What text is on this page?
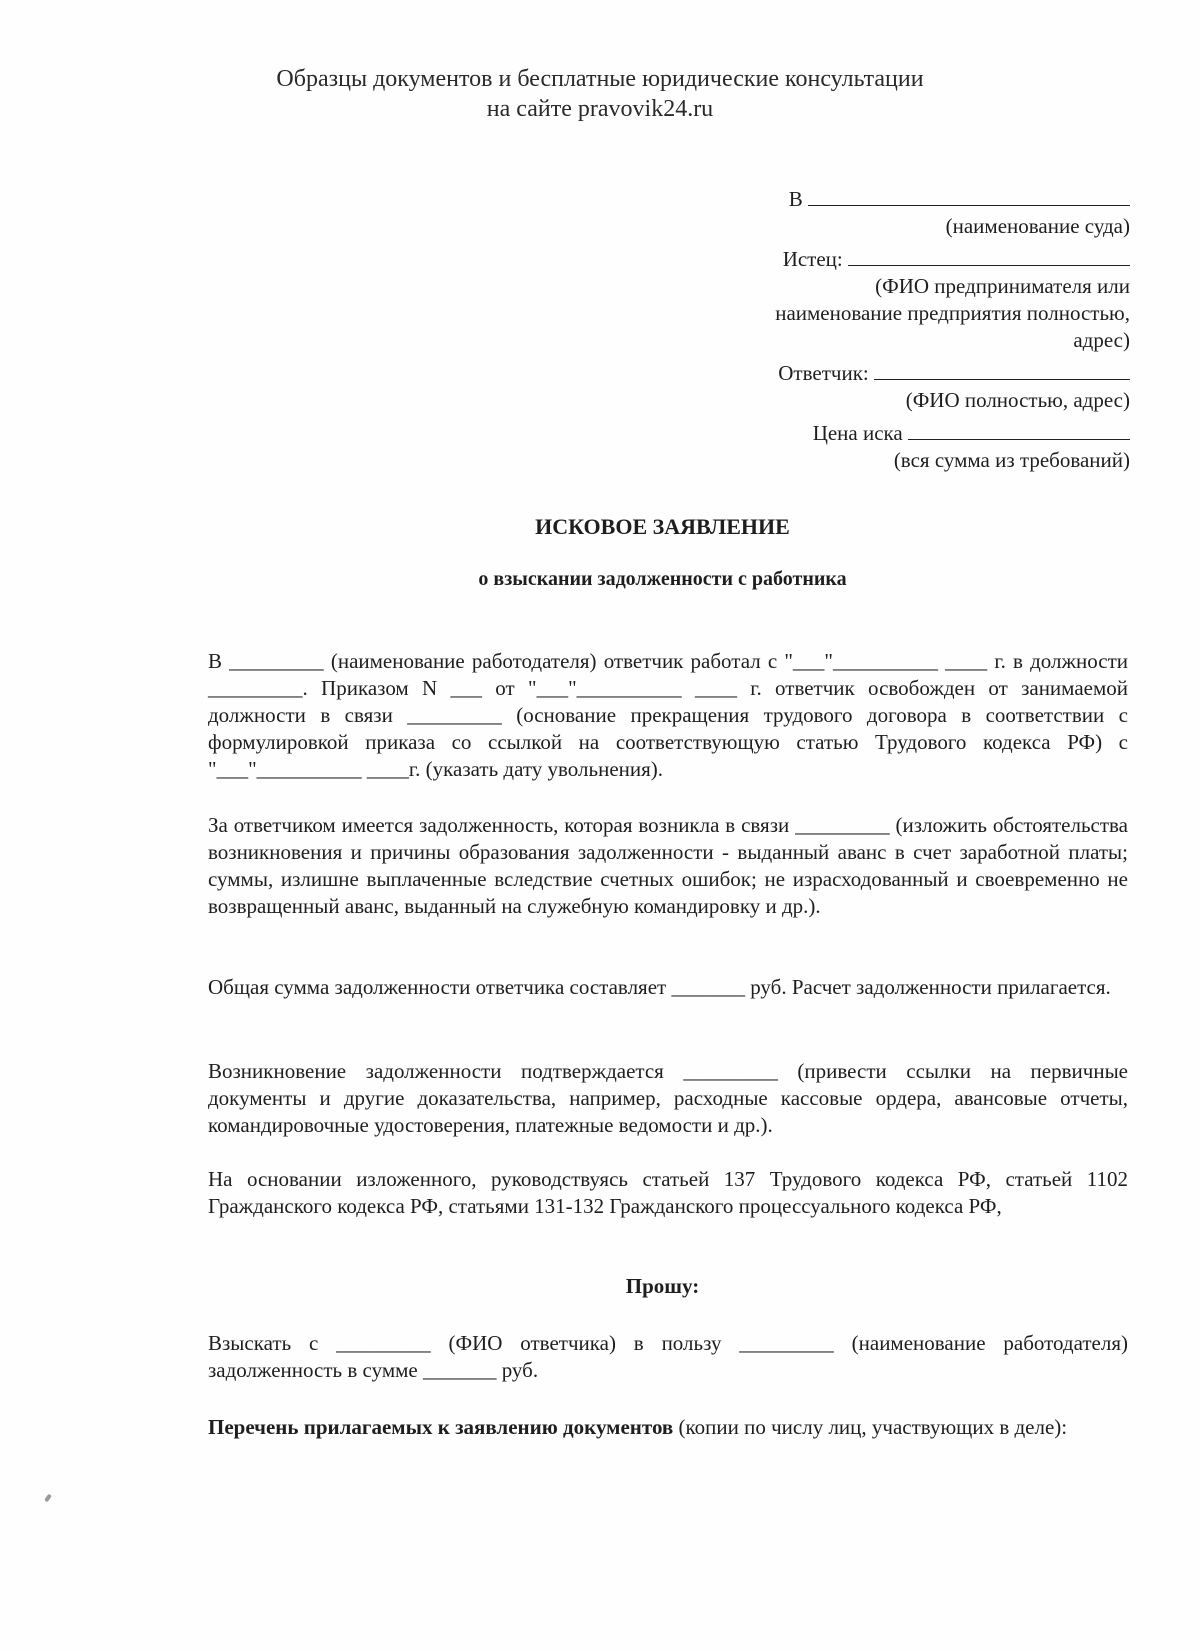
Образцы документов и бесплатные юридические консультации
на сайте pravovik24.ru
В
(наименование суда)
Истец:
(ФИО предпринимателя или
наименование предприятия полностью,
адрес)
Ответчик:
(ФИО полностью, адрес)
Цена иска
(вся сумма из требований)
ИСКОВОЕ ЗАЯВЛЕНИЕ
о взыскании задолженности с работника
В _________ (наименование работодателя) ответчик работал с "___"__________ ____ г. в должности _________. Приказом N ___ от "___"__________ ____ г. ответчик освобожден от занимаемой должности в связи _________ (основание прекращения трудового договора в соответствии с формулировкой приказа со ссылкой на соответствующую статью Трудового кодекса РФ) с "___"__________ ____г. (указать дату увольнения).
За ответчиком имеется задолженность, которая возникла в связи _________ (изложить обстоятельства возникновения и причины образования задолженности - выданный аванс в счет заработной платы; суммы, излишне выплаченные вследствие счетных ошибок; не израсходованный и своевременно не возвращенный аванс, выданный на служебную командировку и др.).
Общая сумма задолженности ответчика составляет _______ руб. Расчет задолженности прилагается.
Возникновение задолженности подтверждается _________ (привести ссылки на первичные документы и другие доказательства, например, расходные кассовые ордера, авансовые отчеты, командировочные удостоверения, платежные ведомости и др.).
На основании изложенного, руководствуясь статьей 137 Трудового кодекса РФ, статьей 1102 Гражданского кодекса РФ, статьями 131-132 Гражданского процессуального кодекса РФ,
Прошу:
Взыскать с _________ (ФИО ответчика) в пользу _________ (наименование работодателя) задолженность в сумме _______ руб.
Перечень прилагаемых к заявлению документов (копии по числу лиц, участвующих в деле):
